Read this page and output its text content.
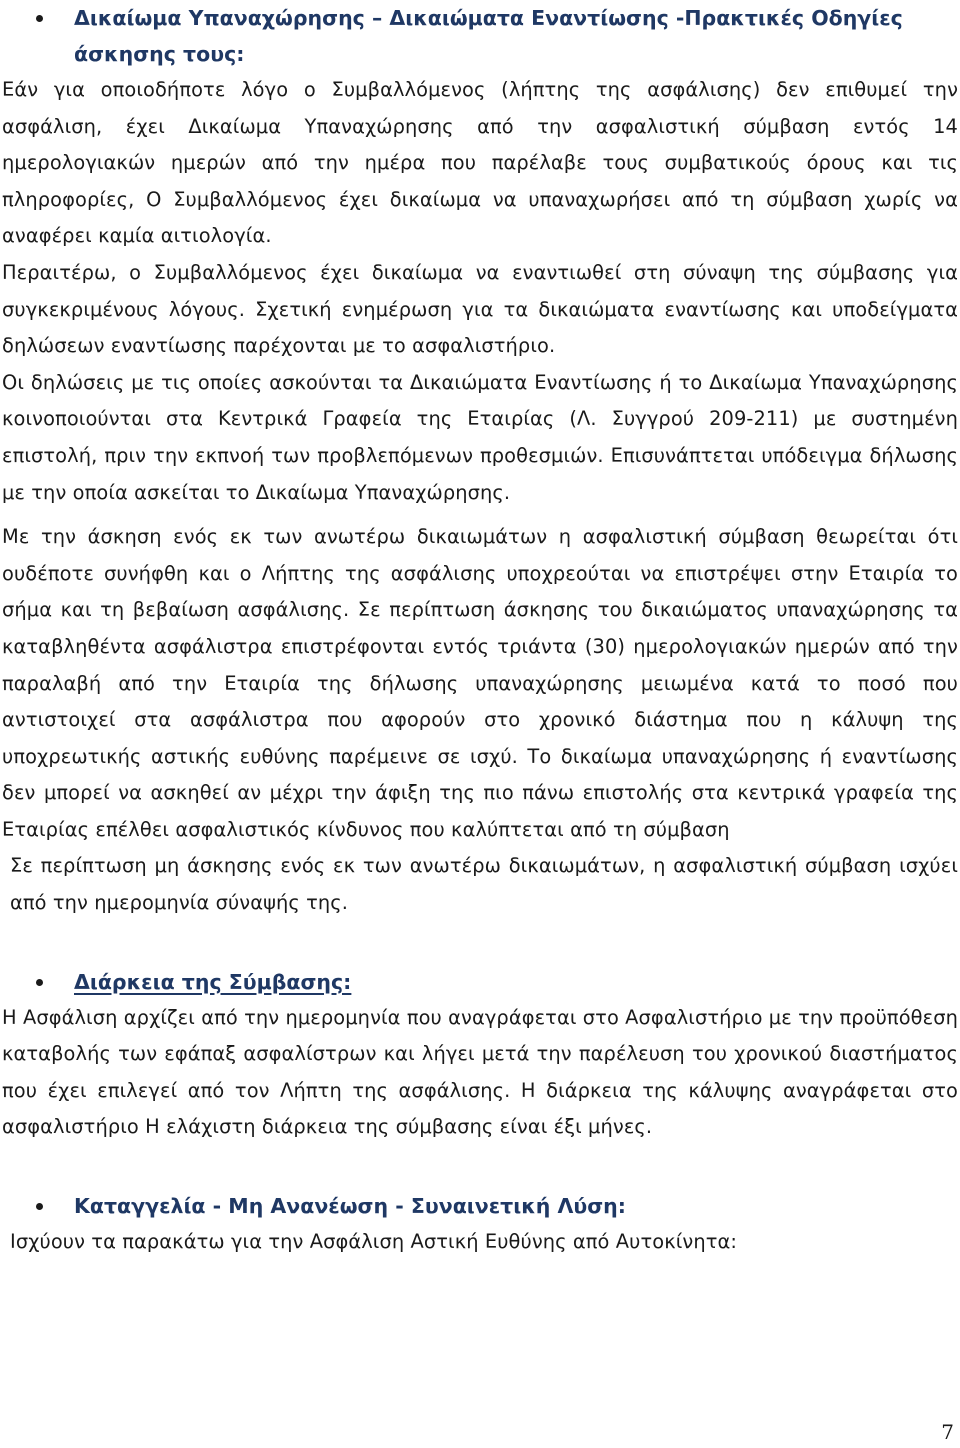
Δικαίωμα Υπαναχώρησης – Δικαιώματα Εναντίωσης -Πρακτικές Οδηγίες
άσκησης τους:

Εάν για οποιοδήποτε λόγο ο Συμβαλλόμενος (λήπτης της ασφάλισης) δεν επιθυμεί την ασφάλιση, έχει Δικαίωμα Υπαναχώρησης από την ασφαλιστική σύμβαση εντός 14 ημερολογιακών ημερών από την ημέρα που παρέλαβε τους συμβατικούς όρους και τις πληροφορίες, Ο Συμβαλλόμενος έχει δικαίωμα να υπαναχωρήσει από τη σύμβαση χωρίς να αναφέρει καμία αιτιολογία.

Περαιτέρω, ο Συμβαλλόμενος έχει δικαίωμα να εναντιωθεί στη σύναψη της σύμβασης για συγκεκριμένους λόγους. Σχετική ενημέρωση για τα δικαιώματα εναντίωσης και υποδείγματα δηλώσεων εναντίωσης παρέχονται με το ασφαλιστήριο.

Οι δηλώσεις με τις οποίες ασκούνται τα Δικαιώματα Εναντίωσης ή το Δικαίωμα Υπαναχώρησης κοινοποιούνται στα Κεντρικά Γραφεία της Εταιρίας (Λ. Συγγρού 209-211) με συστημένη επιστολή, πριν την εκπνοή των προβλεπόμενων προθεσμιών. Επισυνάπτεται υπόδειγμα δήλωσης με την οποία ασκείται το Δικαίωμα Υπαναχώρησης.

Με την άσκηση ενός εκ των ανωτέρω δικαιωμάτων η ασφαλιστική σύμβαση θεωρείται ότι ουδέποτε συνήφθη και ο Λήπτης της ασφάλισης υποχρεούται να επιστρέψει στην Εταιρία το σήμα και τη βεβαίωση ασφάλισης. Σε περίπτωση άσκησης του δικαιώματος υπαναχώρησης τα καταβληθέντα ασφάλιστρα επιστρέφονται εντός τριάντα (30) ημερολογιακών ημερών από την παραλαβή από την Εταιρία της δήλωσης υπαναχώρησης μειωμένα κατά το ποσό που αντιστοιχεί στα ασφάλιστρα που αφορούν στο χρονικό διάστημα που η κάλυψη της υποχρεωτικής αστικής ευθύνης παρέμεινε σε ισχύ. Το δικαίωμα υπαναχώρησης ή εναντίωσης δεν μπορεί να ασκηθεί αν μέχρι την άφιξη της πιο πάνω επιστολής στα κεντρικά γραφεία της Εταιρίας επέλθει ασφαλιστικός κίνδυνος που καλύπτεται από τη σύμβαση

Σε περίπτωση μη άσκησης ενός εκ των ανωτέρω δικαιωμάτων, η ασφαλιστική σύμβαση ισχύει από την ημερομηνία σύναψής της.

Διάρκεια της Σύμβασης:

Η Ασφάλιση αρχίζει από την ημερομηνία που αναγράφεται στο Ασφαλιστήριο με την προϋπόθεση καταβολής των εφάπαξ ασφαλίστρων και λήγει μετά την παρέλευση του χρονικού διαστήματος που έχει επιλεγεί από τον Λήπτη της ασφάλισης. Η διάρκεια της κάλυψης αναγράφεται στο ασφαλιστήριο Η ελάχιστη διάρκεια της σύμβασης είναι έξι μήνες.

Καταγγελία - Μη Ανανέωση - Συναινετική Λύση:

Ισχύουν τα παρακάτω για την Ασφάλιση Αστική Ευθύνης από Αυτοκίνητα:

7
